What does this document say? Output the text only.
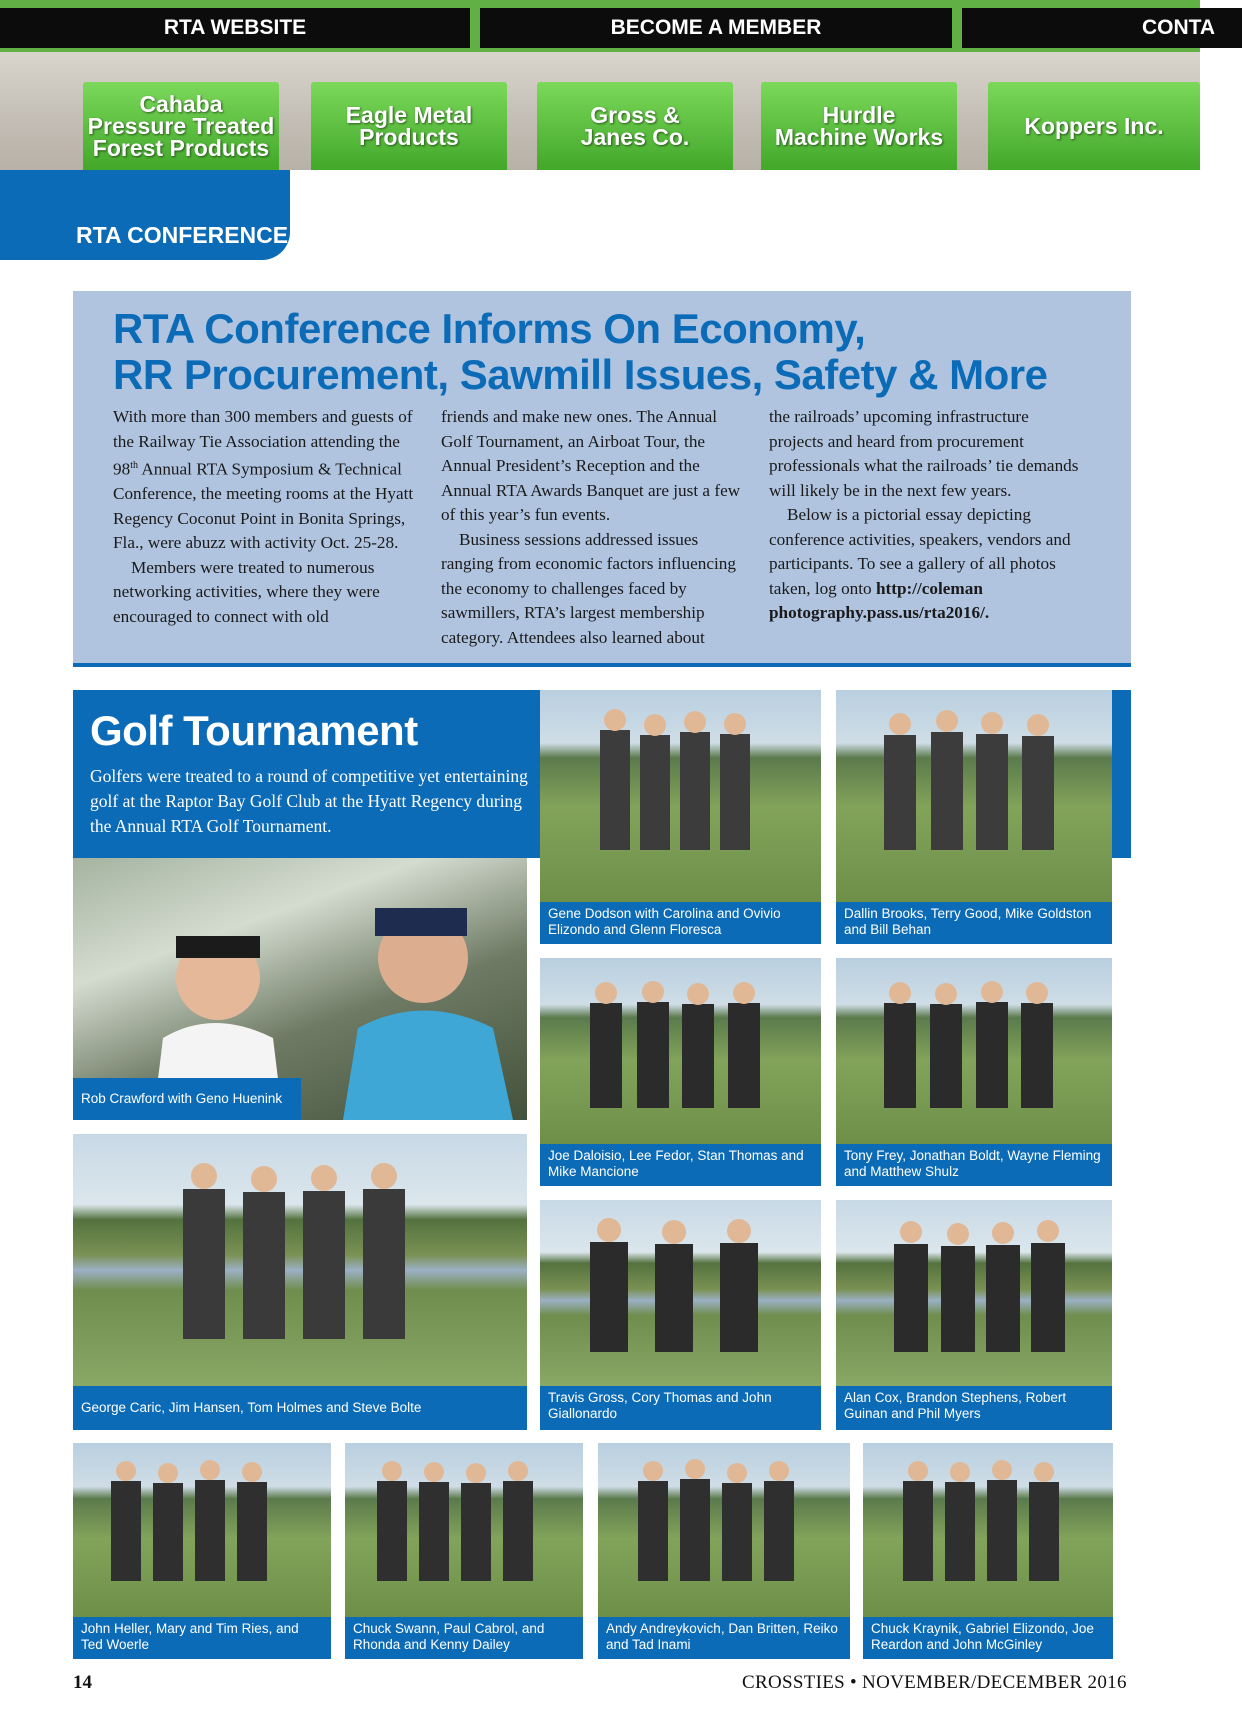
RTA WEBSITE	BECOME A MEMBER	CONTA
Cahaba
Pressure Treated
Forest Products
Eagle Metal
Products
Gross &
Janes Co.
Hurdle
Machine Works	Koppers Inc.
RTA CONFERENCE
RTA Conference Informs On Economy,
RR Procurement, Sawmill Issues, Safety & More

With more than 300 members and guests of the Railway Tie Association attending the 98th Annual RTA Symposium & Technical Conference, the meeting rooms at the Hyatt Regency Coconut Point in Bonita Springs, Fla., were abuzz with activity Oct. 25-28.

Members were treated to numerous networking activities, where they were encouraged to connect with old

friends and make new ones. The Annual Golf Tournament, an Airboat Tour, the Annual President’s Reception and the Annual RTA Awards Banquet are just a few of this year’s fun events.

Business sessions addressed issues ranging from economic factors influencing the economy to challenges faced by sawmillers, RTA’s largest membership category. Attendees also learned about

the railroads’ upcoming infrastructure projects and heard from procurement professionals what the railroads’ tie demands will likely be in the next few years.

Below is a pictorial essay depicting conference activities, speakers, vendors and participants. To see a gallery of all photos taken, log onto http://coleman photography.pass.us/rta2016/.

Golf Tournament

Golfers were treated to a round of competitive yet entertaining golf at the Raptor Bay Golf Club at the Hyatt Regency during the Annual RTA Golf Tournament.

Gene Dodson with Carolina and Ovivio Elizondo and Glenn Floresca
Dallin Brooks, Terry Good, Mike Goldston and Bill Behan
Rob Crawford with Geno Huenink
Joe Daloisio, Lee Fedor, Stan Thomas and Mike Mancione
Tony Frey, Jonathan Boldt, Wayne Fleming and Matthew Shulz
George Caric, Jim Hansen, Tom Holmes and Steve Bolte
Travis Gross, Cory Thomas and John Giallonardo
Alan Cox, Brandon Stephens, Robert Guinan and Phil Myers
John Heller, Mary and Tim Ries, and Ted Woerle
Chuck Swann, Paul Cabrol, and Rhonda and Kenny Dailey
Andy Andreykovich, Dan Britten, Reiko and Tad Inami
Chuck Kraynik, Gabriel Elizondo, Joe Reardon and John McGinley
14	CROSSTIES • NOVEMBER/DECEMBER 2016
